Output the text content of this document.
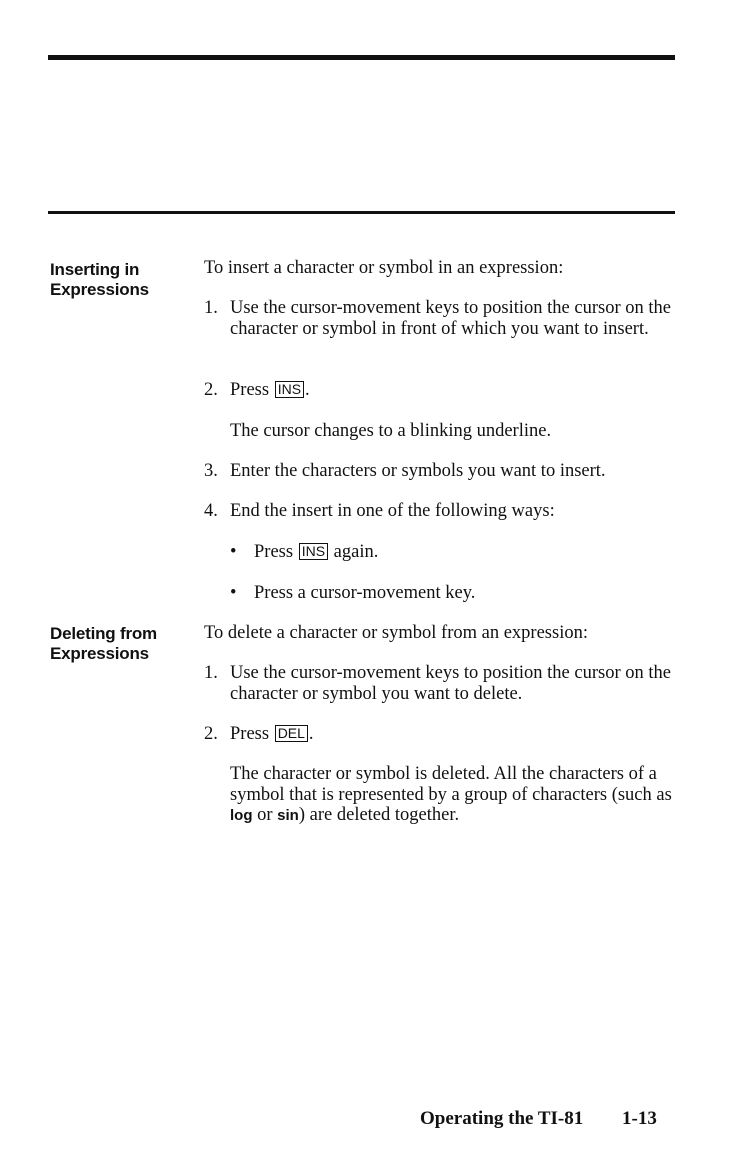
Inserting in
Expressions
To insert a character or symbol in an expression:
1. Use the cursor-movement keys to position the cursor on the character or symbol in front of which you want to insert.
2. Press INS .
The cursor changes to a blinking underline.
3. Enter the characters or symbols you want to insert.
4. End the insert in one of the following ways:
• Press INS again.
• Press a cursor-movement key.
Deleting from
Expressions
To delete a character or symbol from an expression:
1. Use the cursor-movement keys to position the cursor on the character or symbol you want to delete.
2. Press DEL .
The character or symbol is deleted. All the characters of a symbol that is represented by a group of characters (such as log or sin) are deleted together.
Operating the TI-81 1-13
